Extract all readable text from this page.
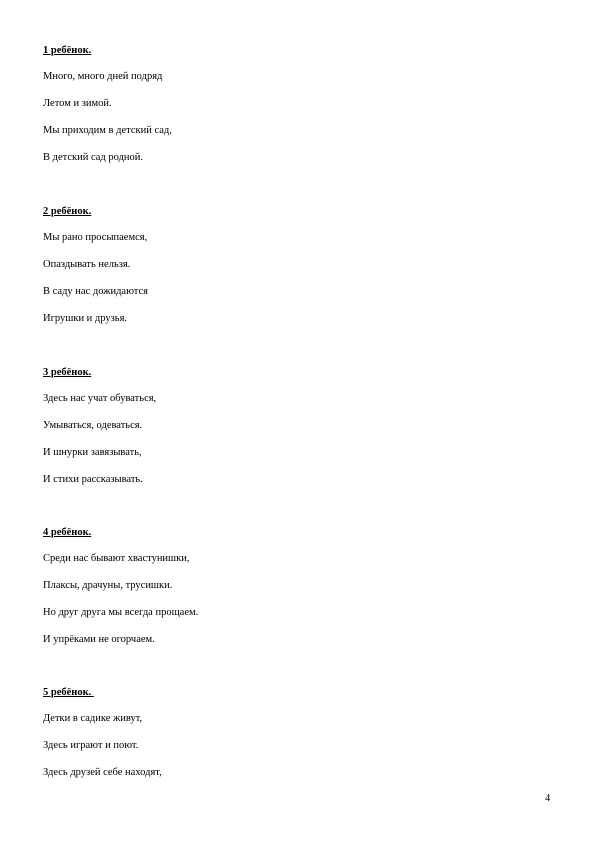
1 ребёнок.
Много, много дней подряд
Летом и зимой.
Мы приходим в детский сад,
В детский сад родной.
2 ребёнок.
Мы рано просыпаемся,
Опаздывать нельзя.
В саду нас дожидаются
Игрушки и друзья.
3 ребёнок.
Здесь нас учат обуваться,
Умываться, одеваться.
И шнурки завязывать,
И стихи рассказывать.
4 ребёнок.
Среди нас бывают хвастунишки,
Плаксы, драчуны, трусишки.
Но друг друга мы всегда прощаем.
И упрёками не огорчаем.
5 ребёнок.
Детки в садике живут,
Здесь играют и поют.
Здесь друзей себе находят,
4
